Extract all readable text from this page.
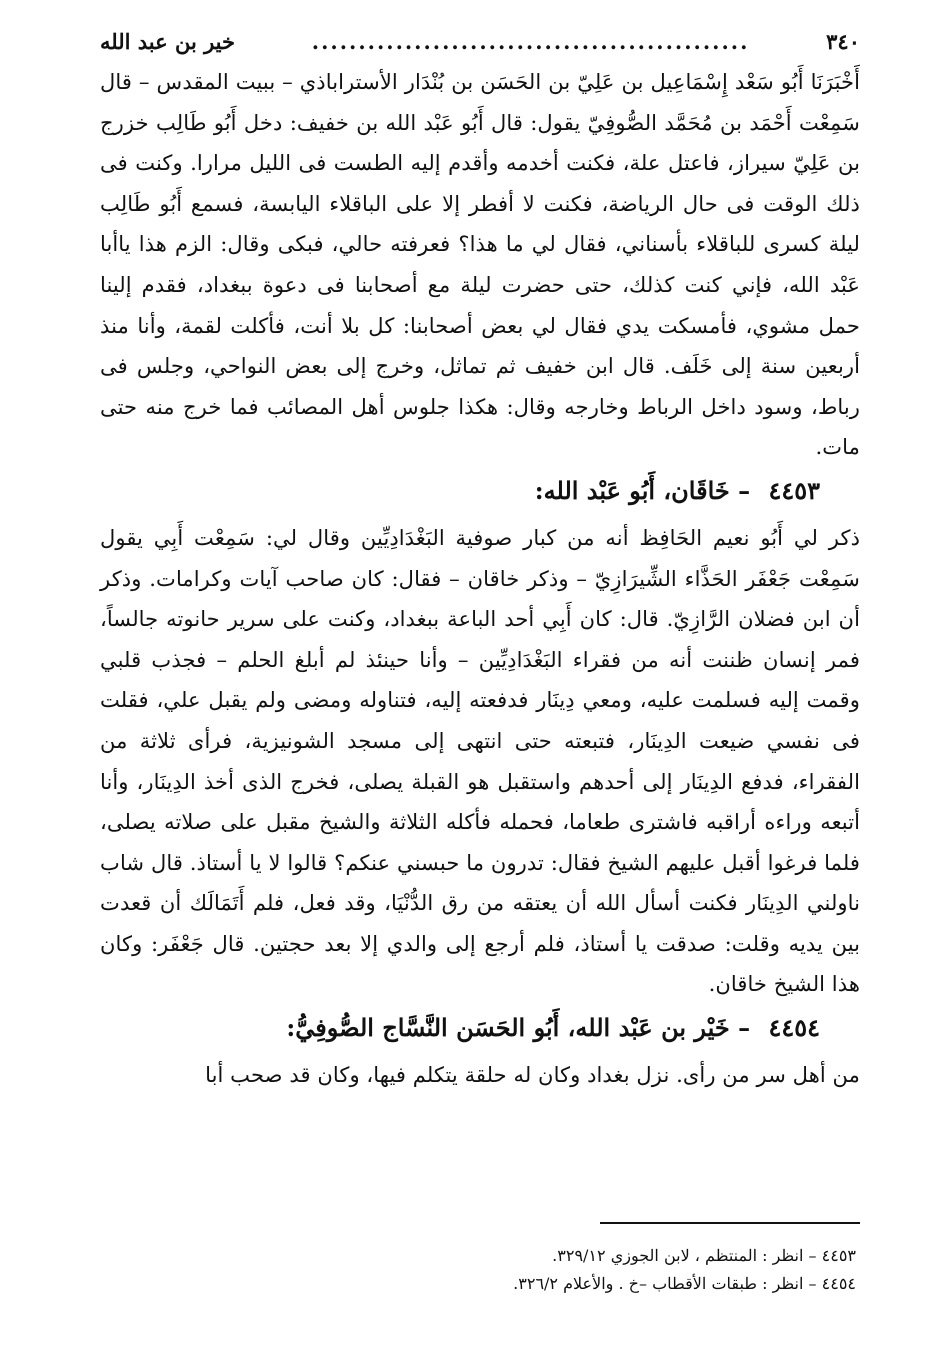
٣٤٠
...............................................
خير بن عبد الله

أَخْبَرَنَا أَبُو سَعْد إِسْمَاعِيل بن عَلِيّ بن الحَسَن بن بُنْدَار الأستراباذي – ببيت المقدس – قال سَمِعْت أَحْمَد بن مُحَمَّد الصُّوفِيّ يقول: قال أَبُو عَبْد الله بن خفيف: دخل أَبُو طَالِب خزرج بن عَلِيّ سيراز، فاعتل علة، فكنت أخدمه وأقدم إليه الطست فى الليل مرارا. وكنت فى ذلك الوقت فى حال الرياضة، فكنت لا أفطر إلا على الباقلاء اليابسة، فسمع أَبُو طَالِب ليلة كسرى للباقلاء بأسناني، فقال لي ما هذا؟ فعرفته حالي، فبكى وقال: الزم هذا ياأبا عَبْد الله، فإني كنت كذلك، حتى حضرت ليلة مع أصحابنا فى دعوة ببغداد، فقدم إلينا حمل مشوي، فأمسكت يدي فقال لي بعض أصحابنا: كل بلا أنت، فأكلت لقمة، وأنا منذ أربعين سنة إلى خَلَف. قال ابن خفيف ثم تماثل، وخرج إلى بعض النواحي، وجلس فى رباط، وسود داخل الرباط وخارجه وقال: هكذا جلوس أهل المصائب فما خرج منه حتى مات.

٤٤٥٣ – خَاقَان، أَبُو عَبْد الله:

ذكر لي أَبُو نعيم الحَافِظ أنه من كبار صوفية البَغْدَادِيِّين وقال لي: سَمِعْت أَبِي يقول سَمِعْت جَعْفَر الحَذَّاء الشِّيرَازِيّ – وذكر خاقان – فقال: كان صاحب آيات وكرامات. وذكر أن ابن فضلان الرَّازِيّ. قال: كان أَبِي أحد الباعة ببغداد، وكنت على سرير حانوته جالساً، فمر إنسان ظننت أنه من فقراء البَغْدَادِيِّين – وأنا حينئذ لم أبلغ الحلم – فجذب قلبي وقمت إليه فسلمت عليه، ومعي دِينَار فدفعته إليه، فتناوله ومضى ولم يقبل علي، فقلت فى نفسي ضيعت الدِينَار، فتبعته حتى انتهى إلى مسجد الشونيزية، فرأى ثلاثة من الفقراء، فدفع الدِينَار إلى أحدهم واستقبل هو القبلة يصلى، فخرج الذى أخذ الدِينَار، وأنا أتبعه وراءه أراقبه فاشترى طعاما، فحمله فأكله الثلاثة والشيخ مقبل على صلاته يصلى، فلما فرغوا أقبل عليهم الشيخ فقال: تدرون ما حبسني عنكم؟ قالوا لا يا أستاذ. قال شاب ناولني الدِينَار فكنت أسأل الله أن يعتقه من رق الدُّنْيَا، وقد فعل، فلم أَتَمَالَك أن قعدت بين يديه وقلت: صدقت يا أستاذ، فلم أرجع إلى والدي إلا بعد حجتين. قال جَعْفَر: وكان هذا الشيخ خاقان.

٤٤٥٤ – خَيْر بن عَبْد الله، أَبُو الحَسَن النَّسَّاج الصُّوفِيُّ:

من أهل سر من رأى. نزل بغداد وكان له حلقة يتكلم فيها، وكان قد صحب أبا

٤٤٥٣ – انظر : المنتظم ، لابن الجوزي ٣٢٩/١٢.

٤٤٥٤ – انظر : طبقات الأقطاب –خ . والأعلام ٣٢٦/٢.
